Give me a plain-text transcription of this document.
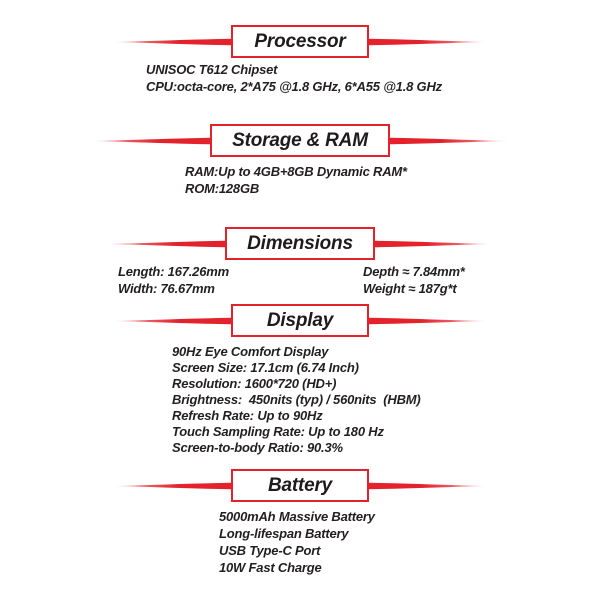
Processor
UNISOC T612 Chipset
CPU:octa-core, 2*A75 @1.8 GHz, 6*A55 @1.8 GHz
Storage & RAM
RAM:Up to 4GB+8GB Dynamic RAM*
ROM:128GB
Dimensions
Length: 167.26mm
Width: 76.67mm
Depth ≈ 7.84mm*
Weight ≈ 187g*t
Display
90Hz Eye Comfort Display
Screen Size: 17.1cm (6.74 Inch)
Resolution: 1600*720 (HD+)
Brightness:  450nits (typ) / 560nits  (HBM)
Refresh Rate: Up to 90Hz
Touch Sampling Rate: Up to 180 Hz
Screen-to-body Ratio: 90.3%
Battery
5000mAh Massive Battery
Long-lifespan Battery
USB Type-C Port
10W Fast Charge
